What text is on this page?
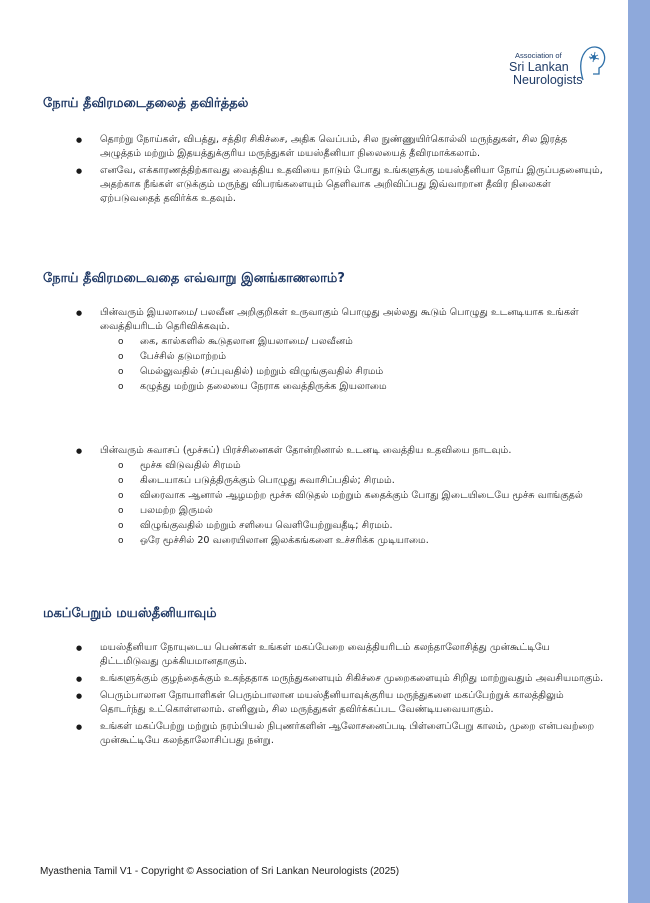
Association of
Sri Lankan
Neurologists
நோய் தீவிரமடைதலைத் தவிர்த்தல்
● தொற்று நோய்கள், விபத்து, சத்திர சிகிச்சை, அதிக வெப்பம், சில நுண்ணுயிர்கொல்லி மருந்துகள், சில இரத்த அழுத்தம் மற்றும் இதயத்துக்குரிய மருந்துகள் மயஸ்தீனியா நிலையைத் தீவிரமாக்கலாம்.
● எனவே, எக்காரணத்திற்காவது வைத்திய உதவியை நாடும் போது உங்களுக்கு மயஸ்தீனியா நோய் இருப்பதனையும், அதற்காக நீங்கள் எடுக்கும் மருந்து விபரங்களையும் தெளிவாக அறிவிப்பது இவ்வாறான தீவிர நிலைகள் ஏற்படுவதைத் தவிர்க்க உதவும்.
நோய் தீவிரமடைவதை எவ்வாறு இனங்காணலாம்?
● பின்வரும் இயலாமை/ பலவீன அறிகுறிகள் உருவாகும் பொழுது அல்லது கூடும் பொழுது உடனடியாக உங்கள் வைத்தியரிடம் தெரிவிக்கவும்.
o கை, கால்களில் கூடுதலான இயலாமை/ பலவீனம்
o பேச்சில் தடுமாற்றம்
o மெல்லுவதில் (சப்புவதில்) மற்றும் விழுங்குவதில் சிரமம்
o கழுத்து மற்றும் தலையை நேராக வைத்திருக்க இயலாமை
● பின்வரும் சுவாசப் (மூச்சுப்) பிரச்சினைகள் தோன்றினால் உடனடி வைத்திய உதவியை நாடவும்.
o மூச்சு விடுவதில் சிரமம்
o கிடையாகப் படுத்திருக்கும் பொழுது சுவாசிப்பதில்; சிரமம்.
o விரைவாக ஆனால் ஆழமற்ற மூச்சு விடுதல் மற்றும் கதைக்கும் போது இடையிடையே மூச்சு வாங்குதல்
o பலமற்ற இருமல்
o விழுங்குவதில் மற்றும் சளியை வெளியேற்றுவதீடி; சிரமம்.
o ஒரே மூச்சில் 20 வரையிலான இலக்கங்களை உச்சரிக்க முடியாமை.
மகப்பேறும் மயஸ்தீனியாவும்
● மயஸ்தீனியா நோயுடைய பெண்கள் உங்கள் மகப்பேறை வைத்தியரிடம் கலந்தாலோசித்து முன்கூட்டியே திட்டமிடுவது முக்கியமானதாகும்.
● உங்களுக்கும் குழந்தைக்கும் உகந்ததாக மருந்துகளையும் சிகிச்சை முறைகளையும் சிறிது மாற்றுவதும் அவசியமாகும்.
● பெரும்பாலான நோயாளிகள் பெரும்பாலான மயஸ்தீனியாவுக்குரிய மருந்துகளை மகப்பேற்றுக் காலத்திலும் தொடர்ந்து உட்கொள்ளலாம். எனினும், சில மருந்துகள் தவிர்க்கப்பட வேண்டியவையாகும்.
● உங்கள் மகப்பேற்று மற்றும் நரம்பியல் நிபுணர்களின் ஆலோசனைப்படி பிள்ளைப்பேறு காலம், முறை என்பவற்றை முன்கூட்டியே கலந்தாலோசிப்பது நன்று.
Myasthenia Tamil V1 - Copyright © Association of Sri Lankan Neurologists (2025)
